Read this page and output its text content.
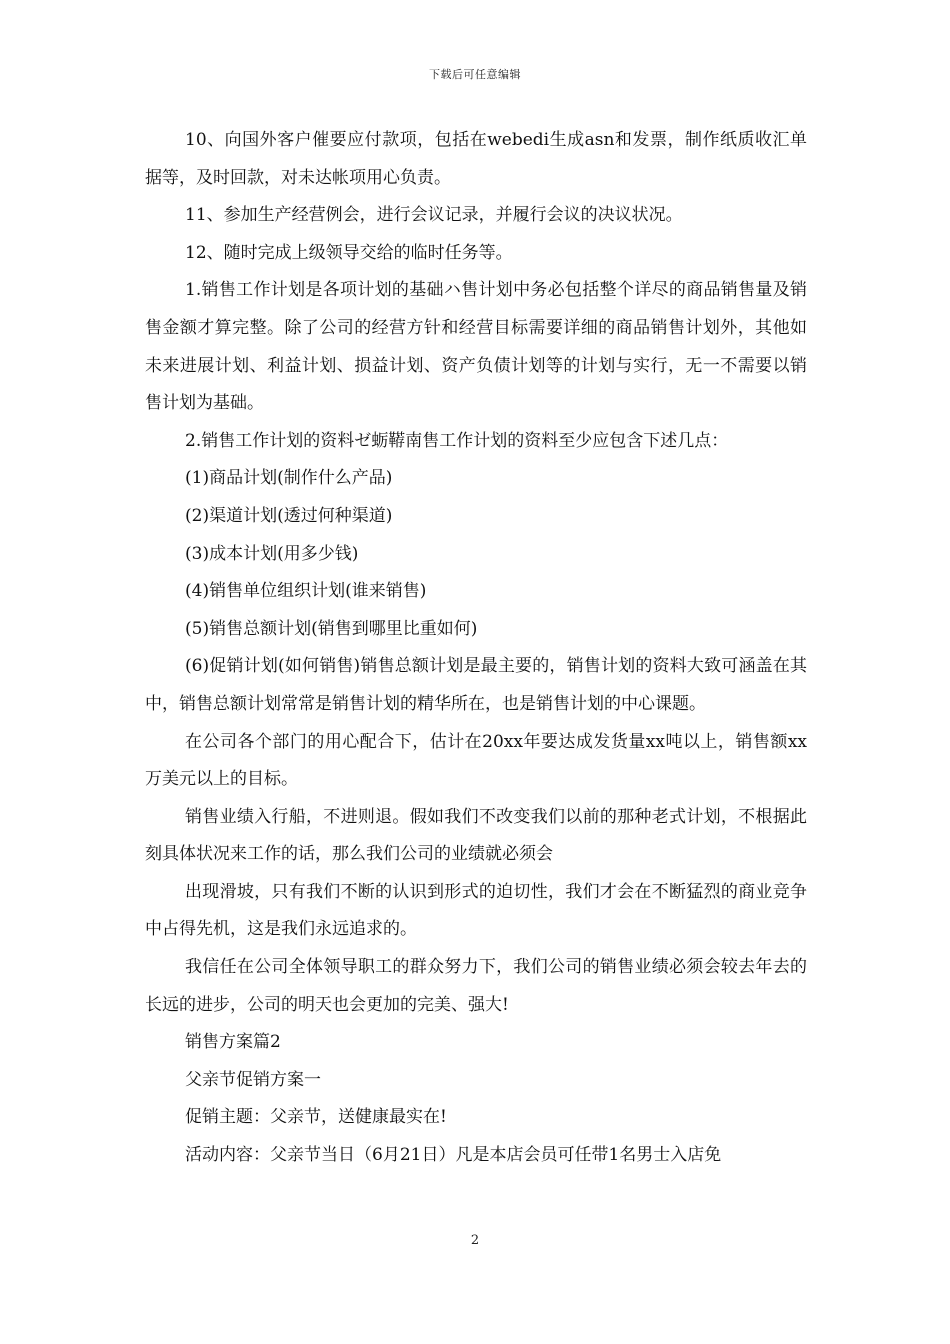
下载后可任意编辑

10、向国外客户催要应付款项，包括在webedi生成asn和发票，制作纸质收汇单据等，及时回款，对未达帐项用心负责。

11、参加生产经营例会，进行会议记录，并履行会议的决议状况。

12、随时完成上级领导交给的临时任务等。

1.销售工作计划是各项计划的基础ハ售计划中务必包括整个详尽的商品销售量及销售金额才算完整。除了公司的经营方针和经营目标需要详细的商品销售计划外，其他如未来进展计划、利益计划、损益计划、资产负债计划等的计划与实行，无一不需要以销售计划为基础。

2.销售工作计划的资料ゼ蛎鞯南售工作计划的资料至少应包含下述几点：

(1)商品计划(制作什么产品)

(2)渠道计划(透过何种渠道)

(3)成本计划(用多少钱)

(4)销售单位组织计划(谁来销售)

(5)销售总额计划(销售到哪里比重如何)

(6)促销计划(如何销售)销售总额计划是最主要的，销售计划的资料大致可涵盖在其中，销售总额计划常常是销售计划的精华所在，也是销售计划的中心课题。

在公司各个部门的用心配合下，估计在20xx年要达成发货量xx吨以上，销售额xx万美元以上的目标。

销售业绩入行船，不进则退。假如我们不改变我们以前的那种老式计划，不根据此刻具体状况来工作的话，那么我们公司的业绩就必须会

出现滑坡，只有我们不断的认识到形式的迫切性，我们才会在不断猛烈的商业竞争中占得先机，这是我们永远追求的。

我信任在公司全体领导职工的群众努力下，我们公司的销售业绩必须会较去年去的长远的进步，公司的明天也会更加的完美、强大!

销售方案篇2

父亲节促销方案一

促销主题：父亲节，送健康最实在!

活动内容：父亲节当日（6月21日）凡是本店会员可任带1名男士入店免

2
